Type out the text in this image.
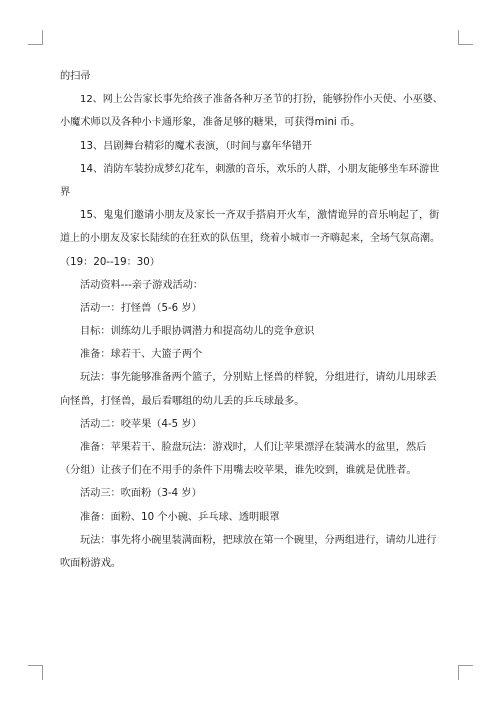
的扫帚
12、网上公告家长事先给孩子准备各种万圣节的打扮，能够扮作小天使、小巫婆、
小魔术师以及各种小卡通形象，准备足够的糖果，可获得mini 币。
13、吕剧舞台精彩的魔术表演，（时间与嘉年华错开
14、消防车装扮成梦幻花车，刺激的音乐，欢乐的人群，小朋友能够坐车环游世
界
15、鬼鬼们邀请小朋友及家长一齐双手搭肩开火车，激情诡异的音乐响起了，街
道上的小朋友及家长陆续的在狂欢的队伍里，绕着小城市一齐嗨起来，全场气氛高潮。
（19：20--19：30）
活动资料---亲子游戏活动：
活动一：打怪兽（5-6 岁）
目标：训练幼儿手眼协调潜力和提高幼儿的竞争意识
准备：球若干、大篮子两个
玩法：事先能够准备两个篮子，分别贴上怪兽的样貌，分组进行，请幼儿用球丢
向怪兽，打怪兽，最后看哪组的幼儿丢的乒乓球最多。
活动二：咬苹果（4-5 岁）
准备：苹果若干、脸盘玩法：游戏时，人们让苹果漂浮在装满水的盆里，然后
（分组）让孩子们在不用手的条件下用嘴去咬苹果，谁先咬到，谁就是优胜者。
活动三：吹面粉（3-4 岁）
准备：面粉、10 个小碗、乒乓球、透明眼罩
玩法：事先将小碗里装满面粉，把球放在第一个碗里，分两组进行，请幼儿进行
吹面粉游戏。
